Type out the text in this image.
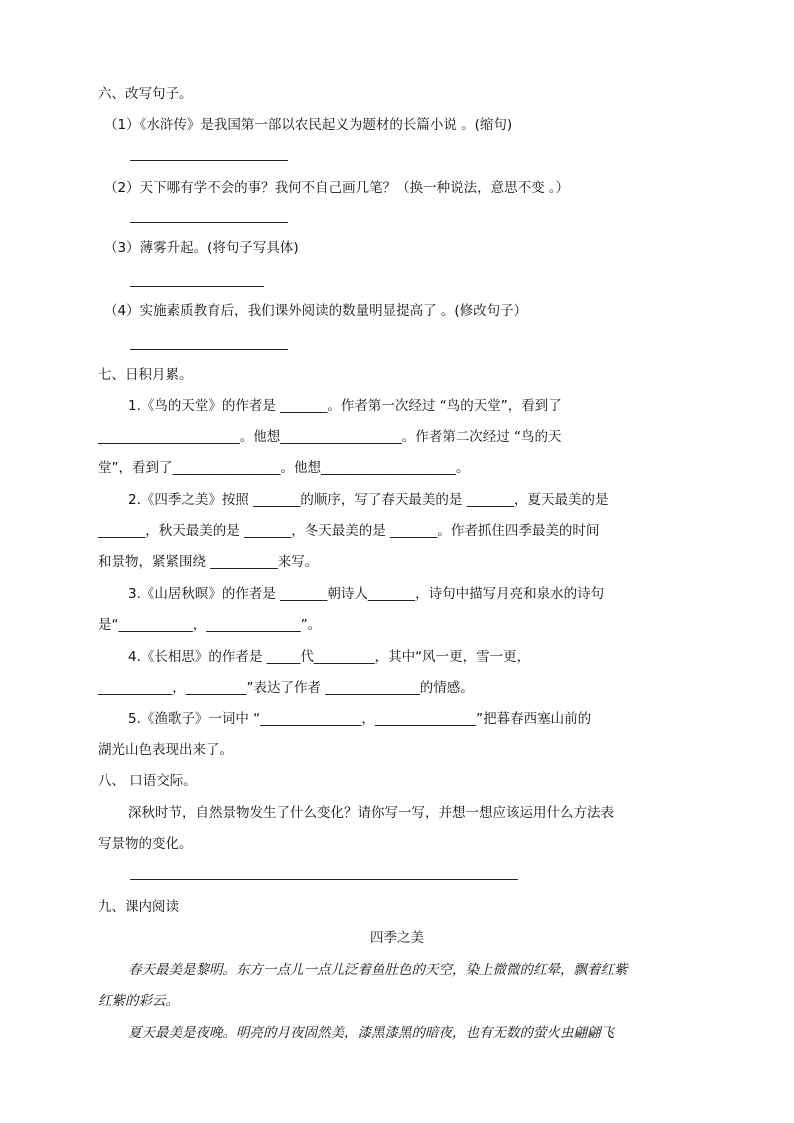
六、改写句子。
（1）《水浒传》是我国第一部以农民起义为题材的长篇小说 。(缩句)
（2）天下哪有学不会的事？我何不自己画几笔？（换一种说法，意思不变 。）
（3）薄雾升起。(将句子写具体)
（4）实施素质教育后，我们课外阅读的数量明显提高了 。(修改句子）
七、日积月累。
1.《鸟的天堂》的作者是 _______。作者第一次经过 “鸟的天堂”，看到了
_____________________。他想__________________。作者第二次经过 “鸟的天
堂”，看到了________________。他想____________________。
2.《四季之美》按照 _______的顺序，写了春天最美的是 _______，夏天最美的是
_______，秋天最美的是 _______，冬天最美的是 _______。作者抓住四季最美的时间
和景物，紧紧围绕 __________来写。
3.《山居秋暝》的作者是 _______朝诗人_______，诗句中描写月亮和泉水的诗句
是“___________，______________”。
4.《长相思》的作者是 _____代_________，其中“风一更，雪一更，
___________，_________”表达了作者 ______________的情感。
5.《渔歌子》一词中 “_______________，_______________”把暮春西塞山前的
湖光山色表现出来了。
八、 口语交际。
深秋时节，自然景物发生了什么变化？请你写一写，并想一想应该运用什么方法表
写景物的变化。
九、课内阅读
四季之美
春天最美是黎明。东方一点儿一点儿泛着鱼肚色的天空，染上微微的红晕，飘着红紫
红紫的彩云。
夏天最美是夜晚。明亮的月夜固然美，漆黑漆黑的暗夜，也有无数的萤火虫翩翩飞
